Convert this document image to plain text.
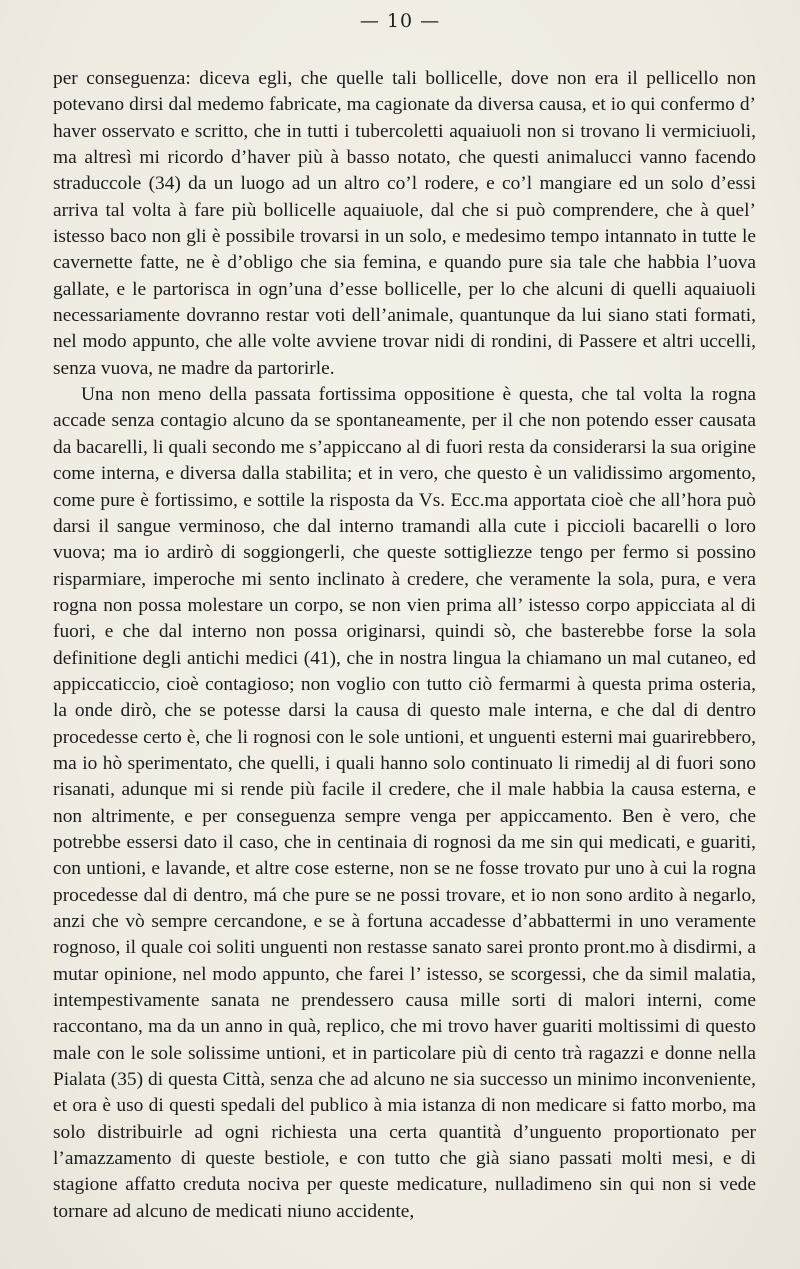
— 10 —

per conseguenza: diceva egli, che quelle tali bollicelle, dove non era il pellicello non potevano dirsi dal medemo fabricate, ma cagionate da diversa causa, et io qui confermo d’ haver osservato e scritto, che in tutti i tubercoletti aquaiuoli non si trovano li vermiciuoli, ma altresì mi ricordo d’haver più à basso notato, che questi animalucci vanno facendo straduccole (34) da un luogo ad un altro co’l rodere, e co’l mangiare ed un solo d’essi arriva tal volta à fare più bollicelle aquaiuole, dal che si può comprendere, che à quel’ istesso baco non gli è possibile trovarsi in un solo, e medesimo tempo intannato in tutte le cavernette fatte, ne è d’obligo che sia femina, e quando pure sia tale che habbia l’uova gallate, e le partorisca in ogn’una d’esse bollicelle, per lo che alcuni di quelli aquaiuoli necessariamente dovranno restar voti dell’animale, quantunque da lui siano stati formati, nel modo appunto, che alle volte avviene trovar nidi di rondini, di Passere et altri uccelli, senza vuova, ne madre da partorirle.

Una non meno della passata fortissima oppositione è questa, che tal volta la rogna accade senza contagio alcuno da se spontaneamente, per il che non potendo esser causata da bacarelli, li quali secondo me s’appiccano al di fuori resta da considerarsi la sua origine come interna, e diversa dalla stabilita; et in vero, che questo è un validissimo argomento, come pure è fortissimo, e sottile la risposta da Vs. Ecc.ma apportata cioè che all’hora può darsi il sangue verminoso, che dal interno tramandi alla cute i piccioli bacarelli o loro vuova; ma io ardirò di soggiongerli, che queste sottigliezze tengo per fermo si possino risparmiare, imperoche mi sento inclinato à credere, che veramente la sola, pura, e vera rogna non possa molestare un corpo, se non vien prima all’ istesso corpo appicciata al di fuori, e che dal interno non possa originarsi, quindi sò, che basterebbe forse la sola definitione degli antichi medici (41), che in nostra lingua la chiamano un mal cutaneo, ed appiccaticcio, cioè contagioso; non voglio con tutto ciò fermarmi à questa prima osteria, la onde dirò, che se potesse darsi la causa di questo male interna, e che dal di dentro procedesse certo è, che li rognosi con le sole untioni, et unguenti esterni mai guarirebbero, ma io hò sperimentato, che quelli, i quali hanno solo continuato li rimedij al di fuori sono risanati, adunque mi si rende più facile il credere, che il male habbia la causa esterna, e non altrimente, e per conseguenza sempre venga per appiccamento. Ben è vero, che potrebbe essersi dato il caso, che in centinaia di rognosi da me sin qui medicati, e guariti, con untioni, e lavande, et altre cose esterne, non se ne fosse trovato pur uno à cui la rogna procedesse dal di dentro, má che pure se ne possi trovare, et io non sono ardito à negarlo, anzi che vò sempre cercandone, e se à fortuna accadesse d’abbattermi in uno veramente rognoso, il quale coi soliti unguenti non restasse sanato sarei pronto pront.mo à disdirmi, a mutar opinione, nel modo appunto, che farei l’ istesso, se scorgessi, che da simil malatia, intempestivamente sanata ne prendessero causa mille sorti di malori interni, come raccontano, ma da un anno in quà, replico, che mi trovo haver guariti moltissimi di questo male con le sole solissime untioni, et in particolare più di cento trà ragazzi e donne nella Pialata (35) di questa Città, senza che ad alcuno ne sia successo un minimo inconveniente, et ora è uso di questi spedali del publico à mia istanza di non medicare si fatto morbo, ma solo distribuirle ad ogni richiesta una certa quantità d’unguento proportionato per l’amazzamento di queste bestiole, e con tutto che già siano passati molti mesi, e di stagione affatto creduta nociva per queste medicature, nulladimeno sin qui non si vede tornare ad alcuno de medicati niuno accidente,
